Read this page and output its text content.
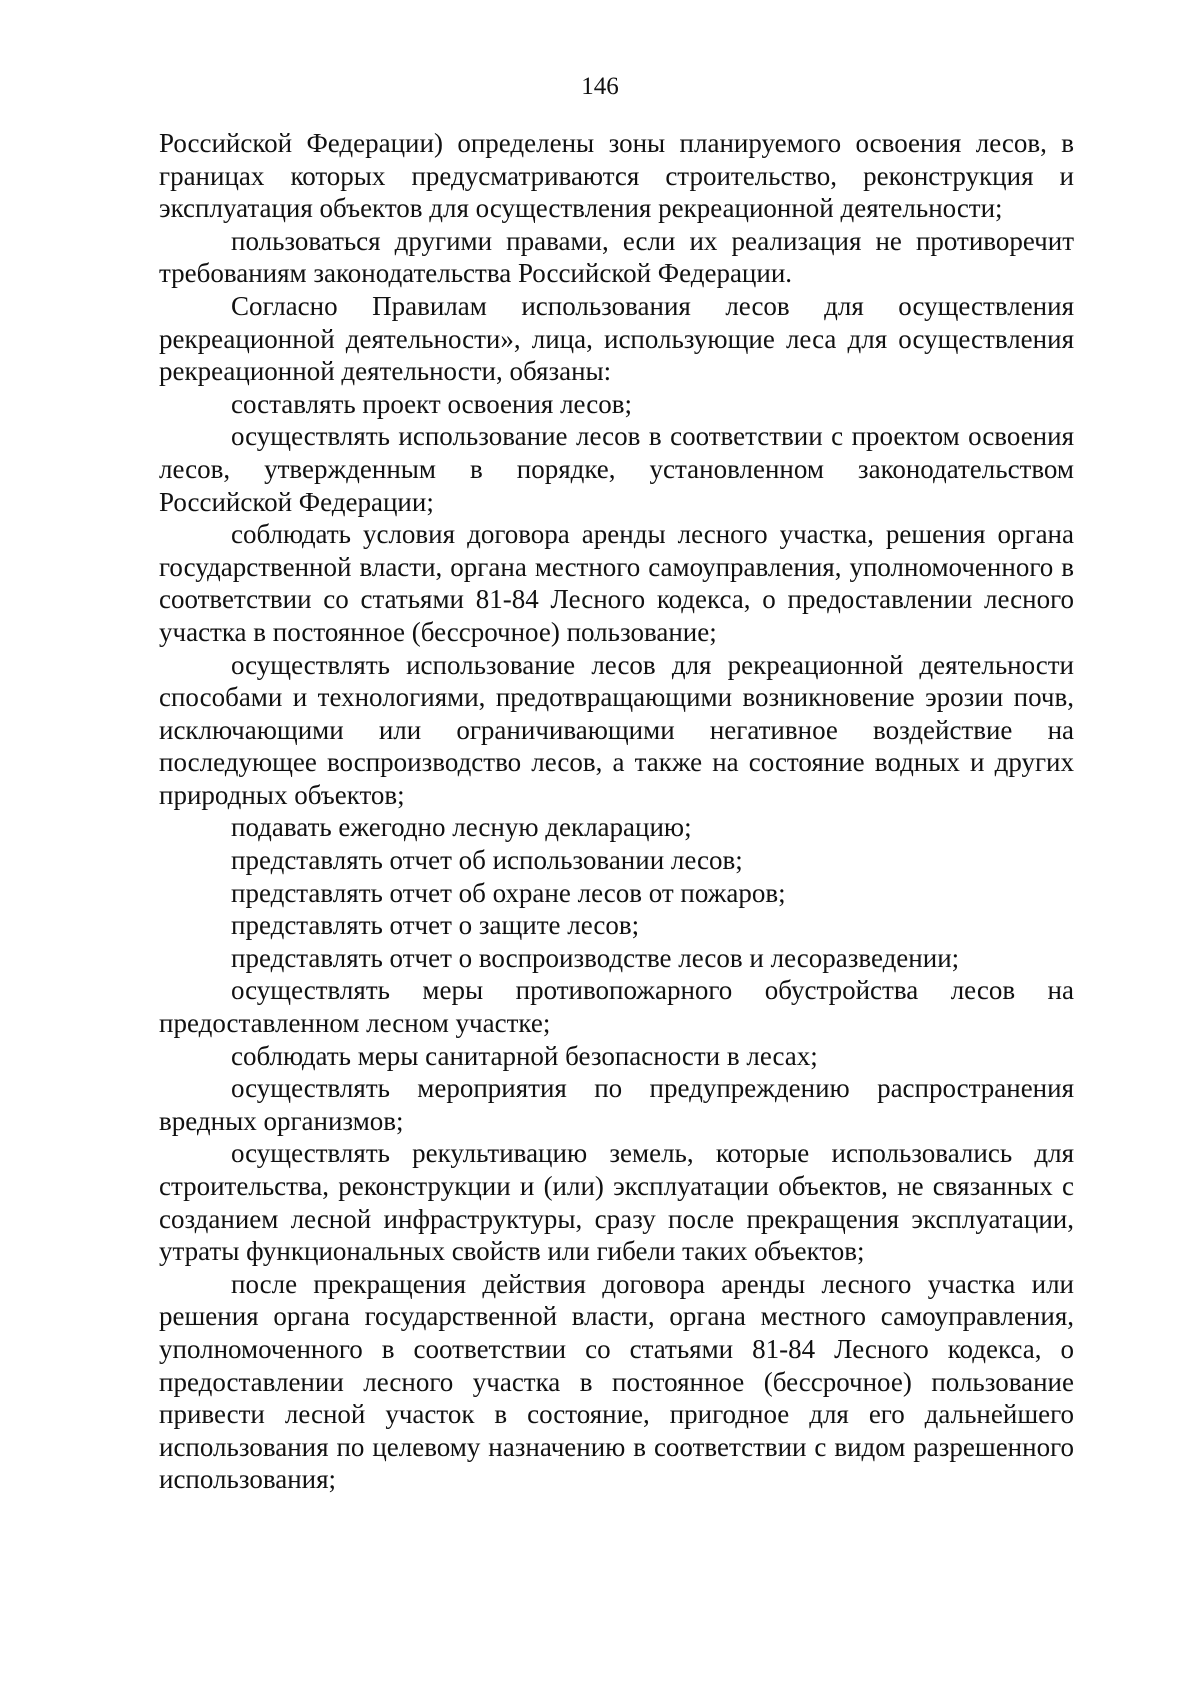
146

Российской Федерации) определены зоны планируемого освоения лесов, в границах которых предусматриваются строительство, реконструкция и эксплуатация объектов для осуществления рекреационной деятельности;

пользоваться другими правами, если их реализация не противоречит требованиям законодательства Российской Федерации.

Согласно Правилам использования лесов для осуществления рекреационной деятельности», лица, использующие леса для осуществления рекреационной деятельности, обязаны:

составлять проект освоения лесов;

осуществлять использование лесов в соответствии с проектом освоения лесов, утвержденным в порядке, установленном законодательством Российской Федерации;

соблюдать условия договора аренды лесного участка, решения органа государственной власти, органа местного самоуправления, уполномоченного в соответствии со статьями 81-84 Лесного кодекса, о предоставлении лесного участка в постоянное (бессрочное) пользование;

осуществлять использование лесов для рекреационной деятельности способами и технологиями, предотвращающими возникновение эрозии почв, исключающими или ограничивающими негативное воздействие на последующее воспроизводство лесов, а также на состояние водных и других природных объектов;

подавать ежегодно лесную декларацию;

представлять отчет об использовании лесов;

представлять отчет об охране лесов от пожаров;

представлять отчет о защите лесов;

представлять отчет о воспроизводстве лесов и лесоразведении;

осуществлять меры противопожарного обустройства лесов на предоставленном лесном участке;

соблюдать меры санитарной безопасности в лесах;

осуществлять мероприятия по предупреждению распространения вредных организмов;

осуществлять рекультивацию земель, которые использовались для строительства, реконструкции и (или) эксплуатации объектов, не связанных с созданием лесной инфраструктуры, сразу после прекращения эксплуатации, утраты функциональных свойств или гибели таких объектов;

после прекращения действия договора аренды лесного участка или решения органа государственной власти, органа местного самоуправления, уполномоченного в соответствии со статьями 81-84 Лесного кодекса, о предоставлении лесного участка в постоянное (бессрочное) пользование привести лесной участок в состояние, пригодное для его дальнейшего использования по целевому назначению в соответствии с видом разрешенного использования;
